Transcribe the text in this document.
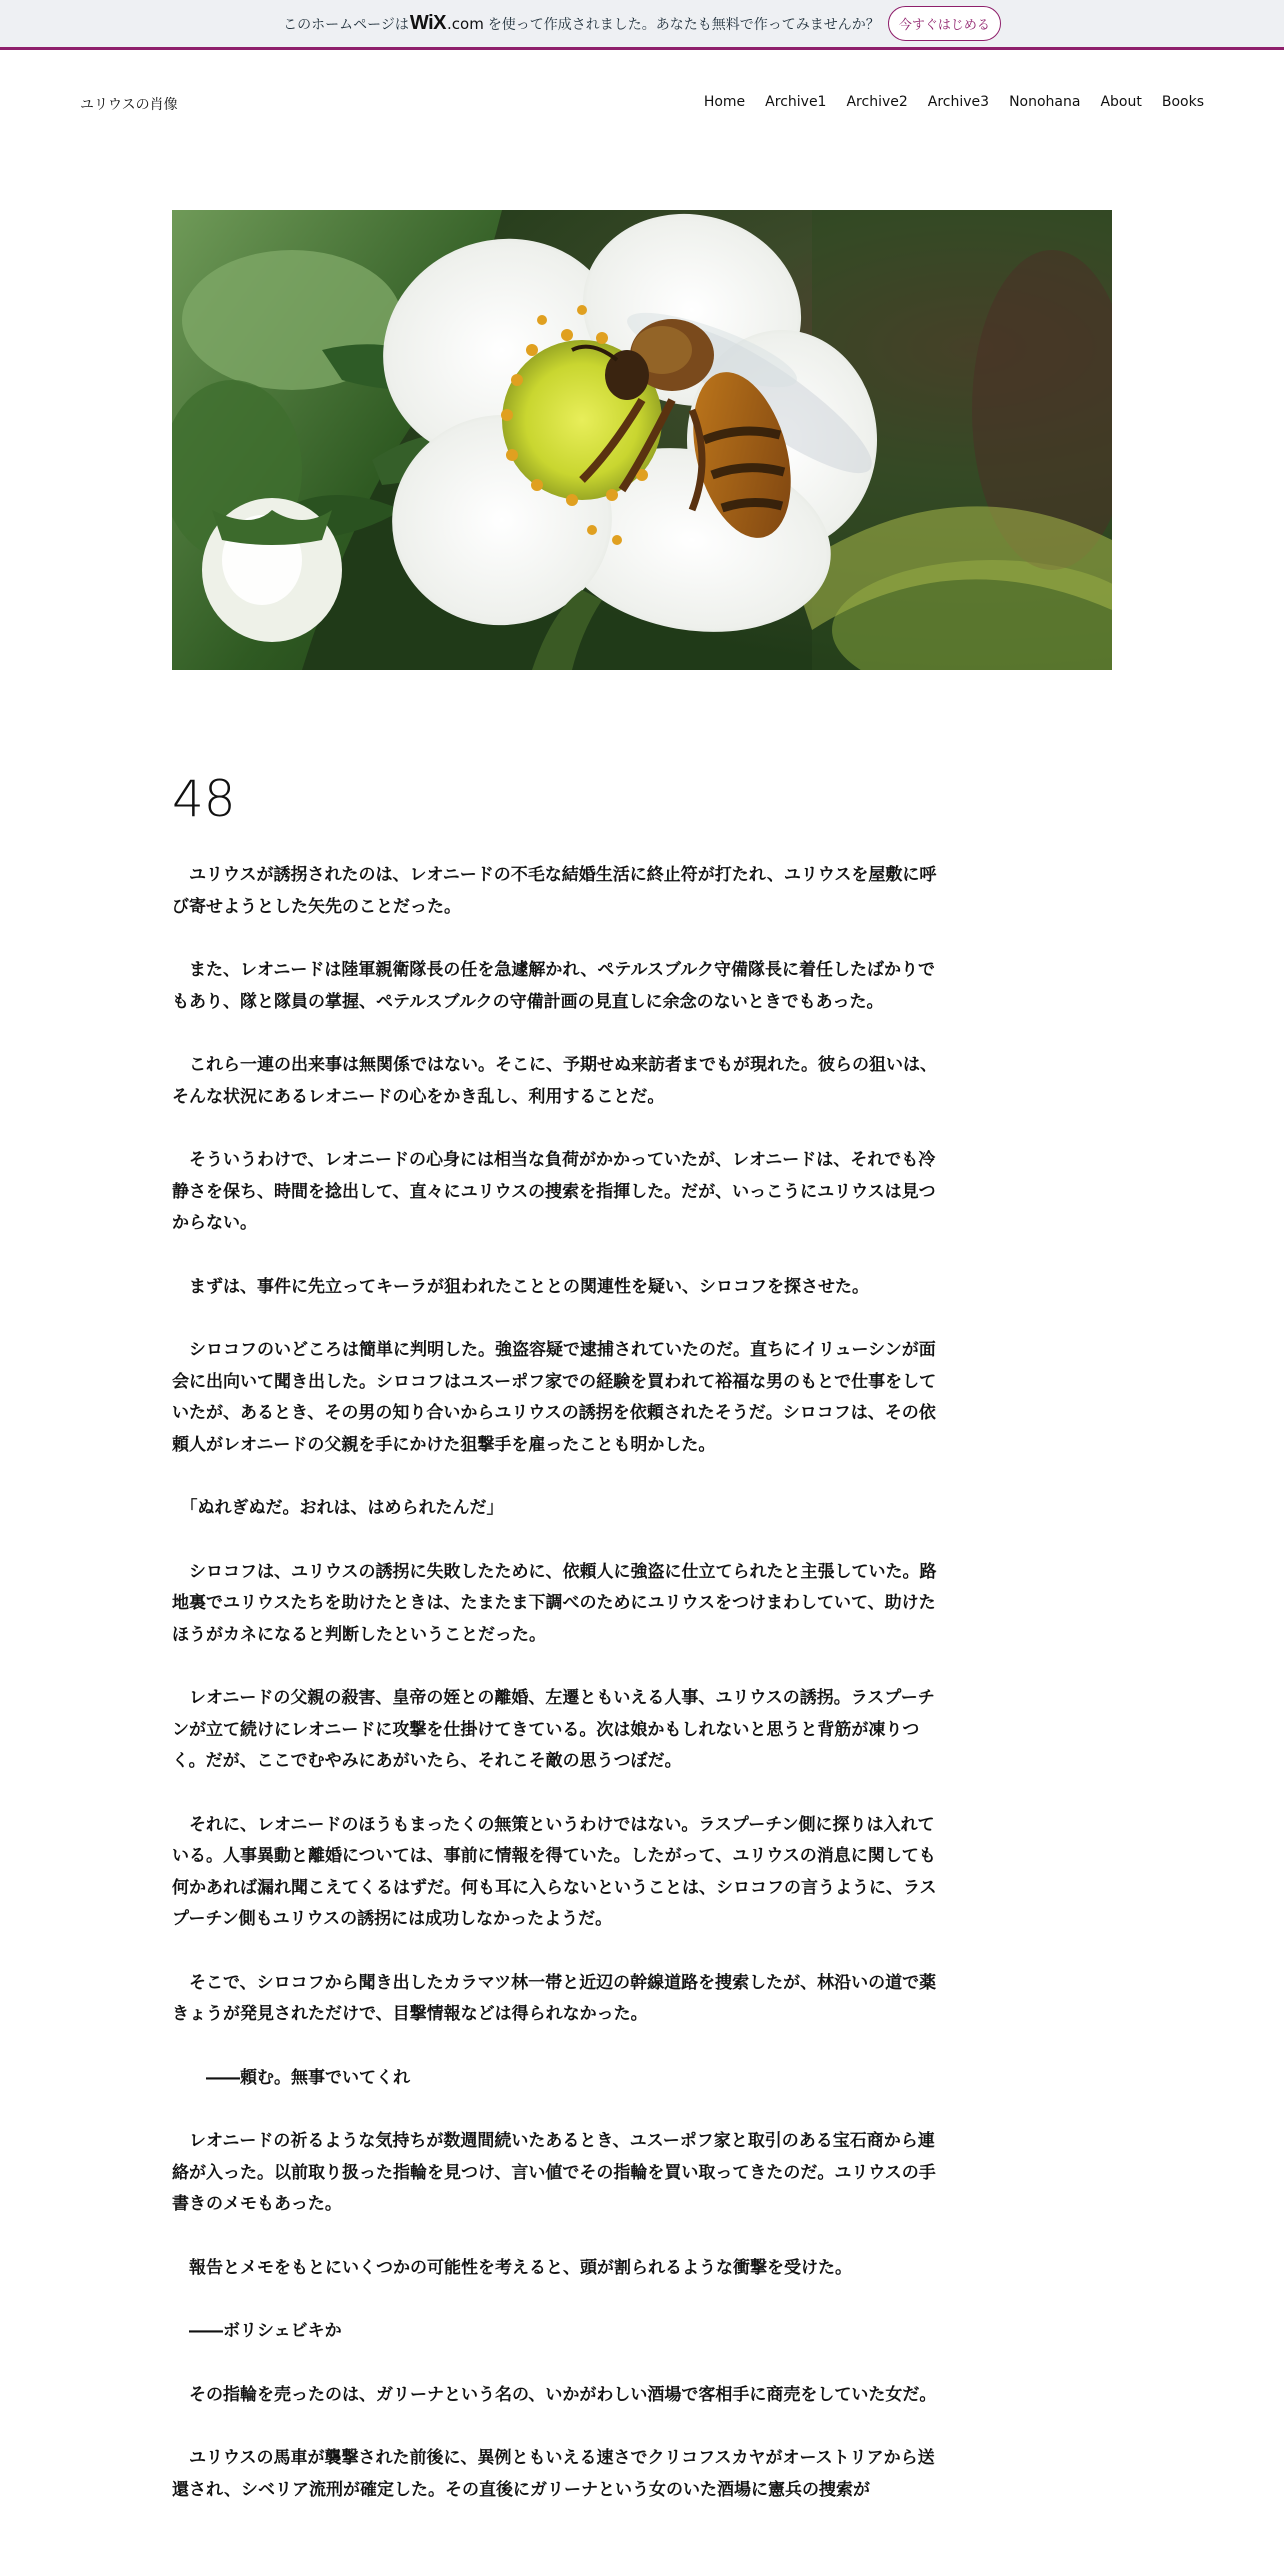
このホームページは WiX .com を使って作成されました。あなたも無料で作ってみませんか？	今すぐはじめる
ユリウスの肖像	Home Archive1 Archive2 Archive3 Nonohana About Books
48

　ユリウスが誘拐されたのは、レオニードの不毛な結婚生活に終止符が打たれ、ユリウスを屋敷に呼び寄せようとした矢先のことだった。

　また、レオニードは陸軍親衛隊長の任を急遽解かれ、ペテルスブルク守備隊長に着任したばかりでもあり、隊と隊員の掌握、ペテルスブルクの守備計画の見直しに余念のないときでもあった。

　これら一連の出来事は無関係ではない。そこに、予期せぬ来訪者までもが現れた。彼らの狙いは、そんな状況にあるレオニードの心をかき乱し、利用することだ。

　そういうわけで、レオニードの心身には相当な負荷がかかっていたが、レオニードは、それでも冷静さを保ち、時間を捻出して、直々にユリウスの捜索を指揮した。だが、いっこうにユリウスは見つからない。

　まずは、事件に先立ってキーラが狙われたこととの関連性を疑い、シロコフを探させた。

　シロコフのいどころは簡単に判明した。強盗容疑で逮捕されていたのだ。直ちにイリューシンが面会に出向いて聞き出した。シロコフはユスーポフ家での経験を買われて裕福な男のもとで仕事をしていたが、あるとき、その男の知り合いからユリウスの誘拐を依頼されたそうだ。シロコフは、その依頼人がレオニードの父親を手にかけた狙撃手を雇ったことも明かした。

　「ぬれぎぬだ。おれは、はめられたんだ」

　シロコフは、ユリウスの誘拐に失敗したために、依頼人に強盗に仕立てられたと主張していた。路地裏でユリウスたちを助けたときは、たまたま下調べのためにユリウスをつけまわしていて、助けたほうがカネになると判断したということだった。

　レオニードの父親の殺害、皇帝の姪との離婚、左遷ともいえる人事、ユリウスの誘拐。ラスプーチンが立て続けにレオニードに攻撃を仕掛けてきている。次は娘かもしれないと思うと背筋が凍りつく。だが、ここでむやみにあがいたら、それこそ敵の思うつぼだ。

　それに、レオニードのほうもまったくの無策というわけではない。ラスプーチン側に探りは入れている。人事異動と離婚については、事前に情報を得ていた。したがって、ユリウスの消息に関しても何かあれば漏れ聞こえてくるはずだ。何も耳に入らないということは、シロコフの言うように、ラスプーチン側もユリウスの誘拐には成功しなかったようだ。

　そこで、シロコフから聞き出したカラマツ林一帯と近辺の幹線道路を捜索したが、林沿いの道で薬きょうが発見されただけで、目撃情報などは得られなかった。

　　――頼む。無事でいてくれ

　レオニードの祈るような気持ちが数週間続いたあるとき、ユスーポフ家と取引のある宝石商から連絡が入った。以前取り扱った指輪を見つけ、言い値でその指輪を買い取ってきたのだ。ユリウスの手書きのメモもあった。

　報告とメモをもとにいくつかの可能性を考えると、頭が割られるような衝撃を受けた。

　――ボリシェビキか

　その指輪を売ったのは、ガリーナという名の、いかがわしい酒場で客相手に商売をしていた女だ。

　ユリウスの馬車が襲撃された前後に、異例ともいえる速さでクリコフスカヤがオーストリアから送還され、シベリア流刑が確定した。その直後にガリーナという女のいた酒場に憲兵の捜索が
